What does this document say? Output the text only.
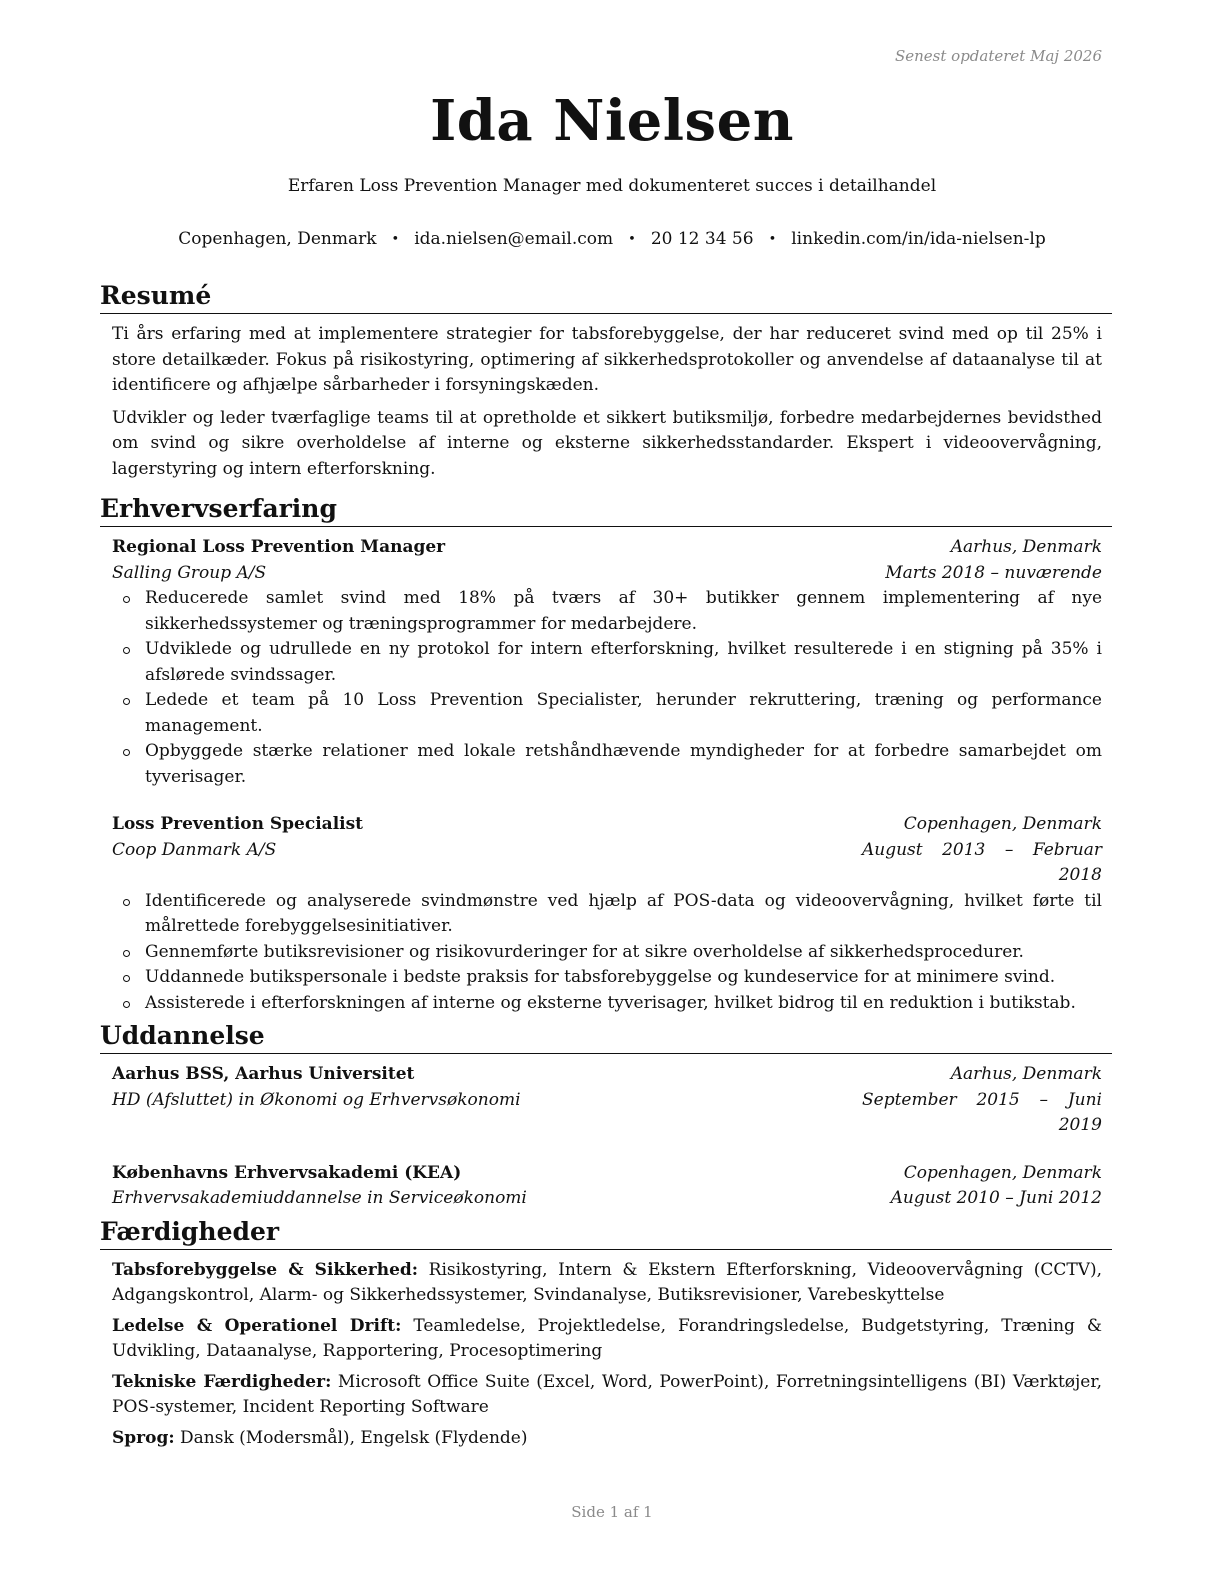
Senest opdateret Maj 2026
Ida Nielsen
Erfaren Loss Prevention Manager med dokumenteret succes i detailhandel
Copenhagen, Denmark • ida.nielsen@email.com • 20 12 34 56 • linkedin.com/in/ida-nielsen-lp
Resumé

Ti års erfaring med at implementere strategier for tabsforebyggelse, der har reduceret svind med op til 25% i store detailkæder. Fokus på risikostyring, optimering af sikkerhedsprotokoller og anvendelse af dataanalyse til at identificere og afhjælpe sårbarheder i forsyningskæden.

Udvikler og leder tværfaglige teams til at opretholde et sikkert butiksmiljø, forbedre medarbejdernes bevidsthed om svind og sikre overholdelse af interne og eksterne sikkerhedsstandarder. Ekspert i videoovervågning, lagerstyring og intern efterforskning.

Erhvervserfaring
Regional Loss Prevention Manager	Aarhus, Denmark
Salling Group A/S	Marts 2018 – nuværende
Reducerede samlet svind med 18% på tværs af 30+ butikker gennem implementering af nye sikkerhedssystemer og træningsprogrammer for medarbejdere.
Udviklede og udrullede en ny protokol for intern efterforskning, hvilket resulterede i en stigning på 35% i afslørede svindssager.
Ledede et team på 10 Loss Prevention Specialister, herunder rekruttering, træning og performance management.
Opbyggede stærke relationer med lokale retshåndhævende myndigheder for at forbedre samarbejdet om tyverisager.
Loss Prevention Specialist	Copenhagen, Denmark
Coop Danmark A/S	August 2013 – Februar 2018
Identificerede og analyserede svindmønstre ved hjælp af POS-data og videoovervågning, hvilket førte til målrettede forebyggelsesinitiativer.
Gennemførte butiksrevisioner og risikovurderinger for at sikre overholdelse af sikkerhedsprocedurer.
Uddannede butikspersonale i bedste praksis for tabsforebyggelse og kundeservice for at minimere svind.
Assisterede i efterforskningen af interne og eksterne tyverisager, hvilket bidrog til en reduktion i butikstab.
Uddannelse
Aarhus BSS, Aarhus Universitet	Aarhus, Denmark
HD (Afsluttet) in Økonomi og Erhvervsøkonomi	September 2015 – Juni 2019
Københavns Erhvervsakademi (KEA)	Copenhagen, Denmark
Erhvervsakademiuddannelse in Serviceøkonomi	August 2010 – Juni 2012
Færdigheder

Tabsforebyggelse & Sikkerhed: Risikostyring, Intern & Ekstern Efterforskning, Videoovervågning (CCTV), Adgangskontrol, Alarm- og Sikkerhedssystemer, Svindanalyse, Butiksrevisioner, Varebeskyttelse

Ledelse & Operationel Drift: Teamledelse, Projektledelse, Forandringsledelse, Budgetstyring, Træning & Udvikling, Dataanalyse, Rapportering, Procesoptimering

Tekniske Færdigheder: Microsoft Office Suite (Excel, Word, PowerPoint), Forretningsintelligens (BI) Værktøjer, POS-systemer, Incident Reporting Software

Sprog: Dansk (Modersmål), Engelsk (Flydende)

Side 1 af 1
